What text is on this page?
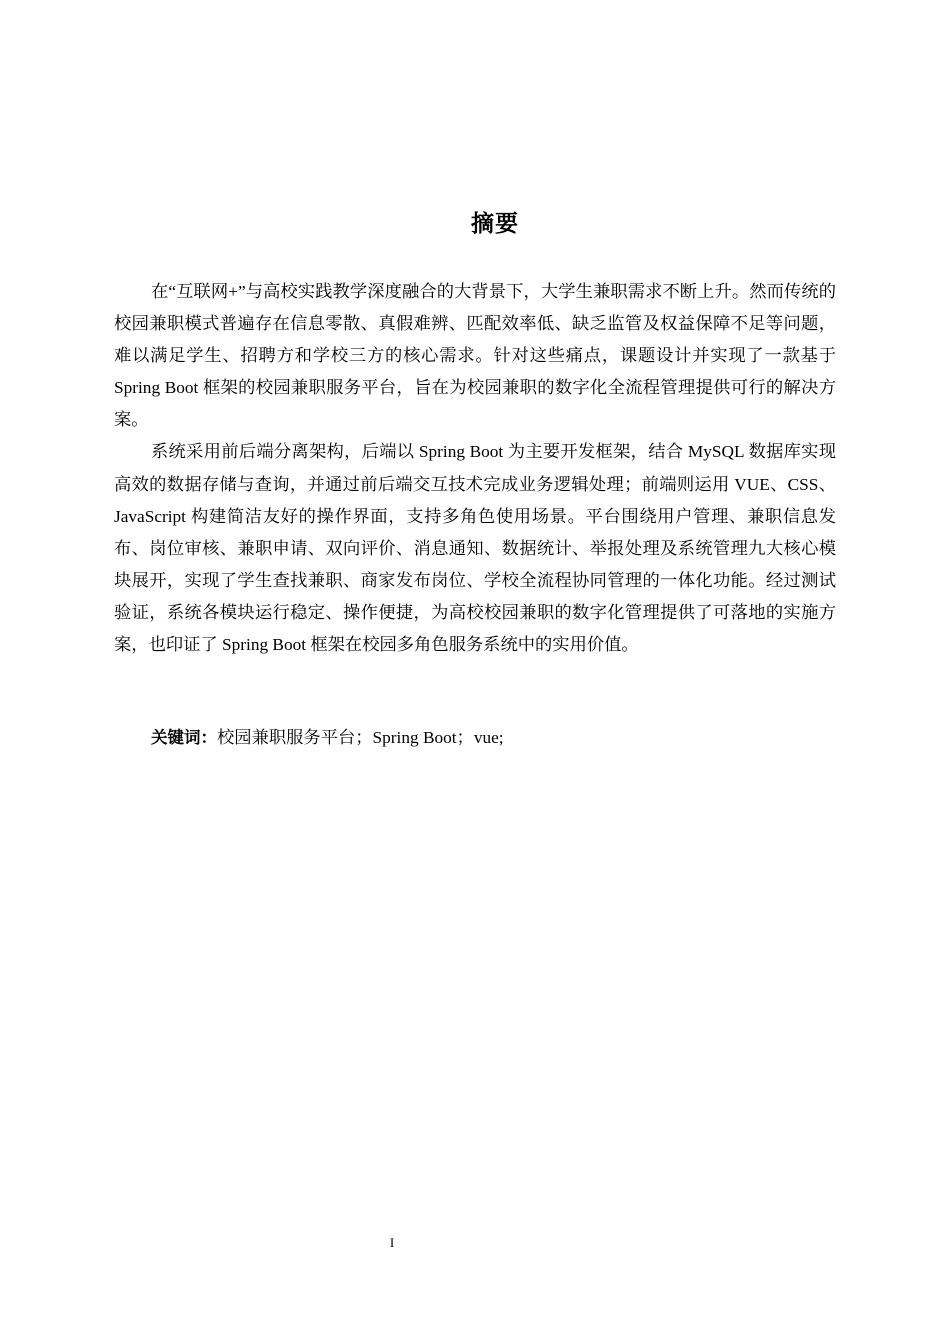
摘要

在“互联网+”与高校实践教学深度融合的大背景下，大学生兼职需求不断上升。然而传统的校园兼职模式普遍存在信息零散、真假难辨、匹配效率低、缺乏监管及权益保障不足等问题，难以满足学生、招聘方和学校三方的核心需求。针对这些痛点，课题设计并实现了一款基于 Spring Boot 框架的校园兼职服务平台，旨在为校园兼职的数字化全流程管理提供可行的解决方案。

系统采用前后端分离架构，后端以 Spring Boot 为主要开发框架，结合 MySQL 数据库实现高效的数据存储与查询，并通过前后端交互技术完成业务逻辑处理；前端则运用 VUE、CSS、JavaScript 构建简洁友好的操作界面，支持多角色使用场景。平台围绕用户管理、兼职信息发布、岗位审核、兼职申请、双向评价、消息通知、数据统计、举报处理及系统管理九大核心模块展开，实现了学生查找兼职、商家发布岗位、学校全流程协同管理的一体化功能。经过测试验证，系统各模块运行稳定、操作便捷，为高校校园兼职的数字化管理提供了可落地的实施方案，也印证了 Spring Boot 框架在校园多角色服务系统中的实用价值。

关键词：校园兼职服务平台；Spring Boot；vue;
I
